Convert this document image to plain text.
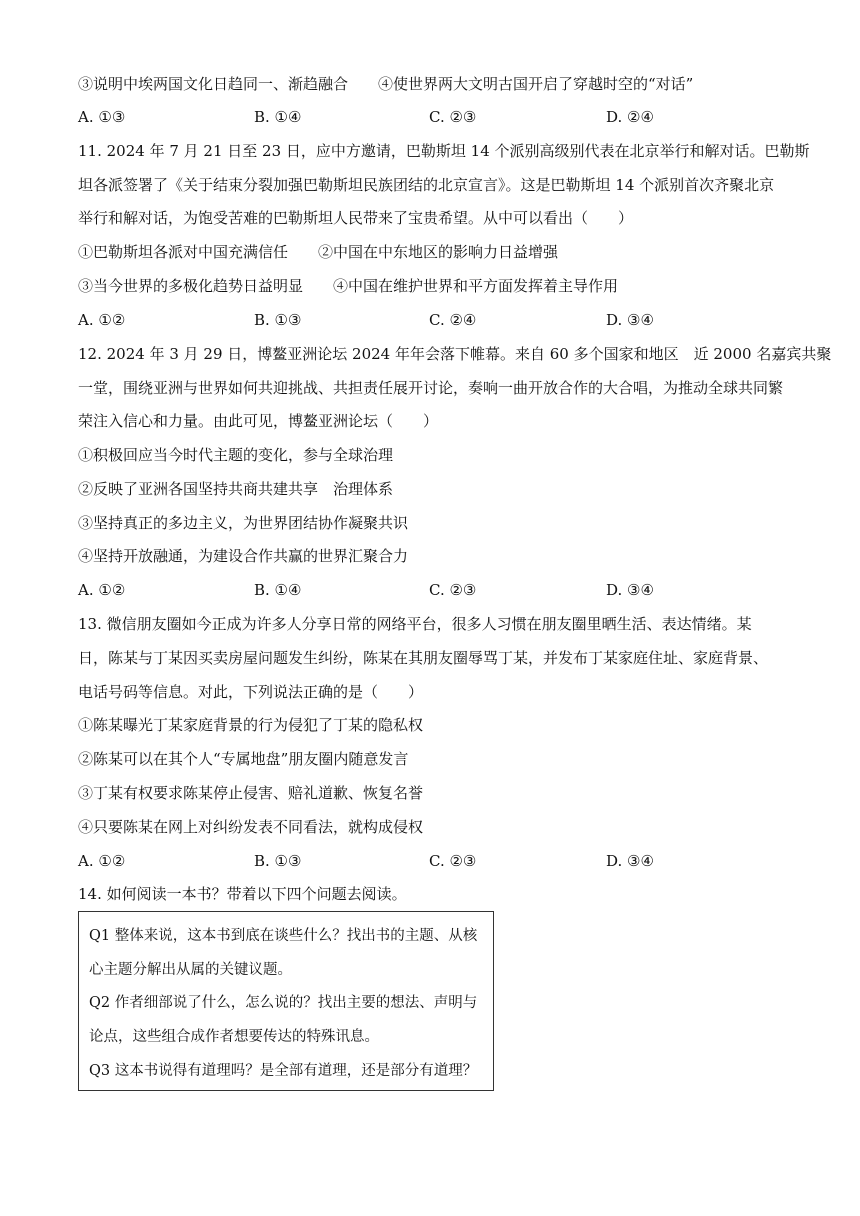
③说明中埃两国文化日趋同一、渐趋融合　　④使世界两大文明古国开启了穿越时空的“对话”
A. ①③	B. ①④	C. ②③	D. ②④
11. 2024 年 7 月 21 日至 23 日，应中方邀请，巴勒斯坦 14 个派别高级别代表在北京举行和解对话。巴勒斯
坦各派签署了《关于结束分裂加强巴勒斯坦民族团结的北京宣言》。这是巴勒斯坦 14 个派别首次齐聚北京
举行和解对话，为饱受苦难的巴勒斯坦人民带来了宝贵希望。从中可以看出（　　）
①巴勒斯坦各派对中国充满信任　　②中国在中东地区的影响力日益增强
③当今世界的多极化趋势日益明显　　④中国在维护世界和平方面发挥着主导作用
A. ①②	B. ①③	C. ②④	D. ③④
12. 2024 年 3 月 29 日，博鳌亚洲论坛 2024 年年会落下帷幕。来自 60 多个国家和地区　近 2000 名嘉宾共聚
一堂，围绕亚洲与世界如何共迎挑战、共担责任展开讨论，奏响一曲开放合作的大合唱，为推动全球共同繁
荣注入信心和力量。由此可见，博鳌亚洲论坛（　　）
①积极回应当今时代主题的变化，参与全球治理
②反映了亚洲各国坚持共商共建共享　治理体系
③坚持真正的多边主义，为世界团结协作凝聚共识
④坚持开放融通，为建设合作共赢的世界汇聚合力
A. ①②	B. ①④	C. ②③	D. ③④
13. 微信朋友圈如今正成为许多人分享日常的网络平台，很多人习惯在朋友圈里晒生活、表达情绪。某
日，陈某与丁某因买卖房屋问题发生纠纷，陈某在其朋友圈辱骂丁某，并发布丁某家庭住址、家庭背景、
电话号码等信息。对此，下列说法正确的是（　　）
①陈某曝光丁某家庭背景的行为侵犯了丁某的隐私权
②陈某可以在其个人“专属地盘”朋友圈内随意发言
③丁某有权要求陈某停止侵害、赔礼道歉、恢复名誉
④只要陈某在网上对纠纷发表不同看法，就构成侵权
A. ①②	B. ①③	C. ②③	D. ③④
14. 如何阅读一本书？带着以下四个问题去阅读。
Q1 整体来说，这本书到底在谈些什么？找出书的主题、从核
心主题分解出从属的关键议题。
Q2 作者细部说了什么，怎么说的？找出主要的想法、声明与
论点，这些组合成作者想要传达的特殊讯息。
Q3 这本书说得有道理吗？是全部有道理，还是部分有道理？
